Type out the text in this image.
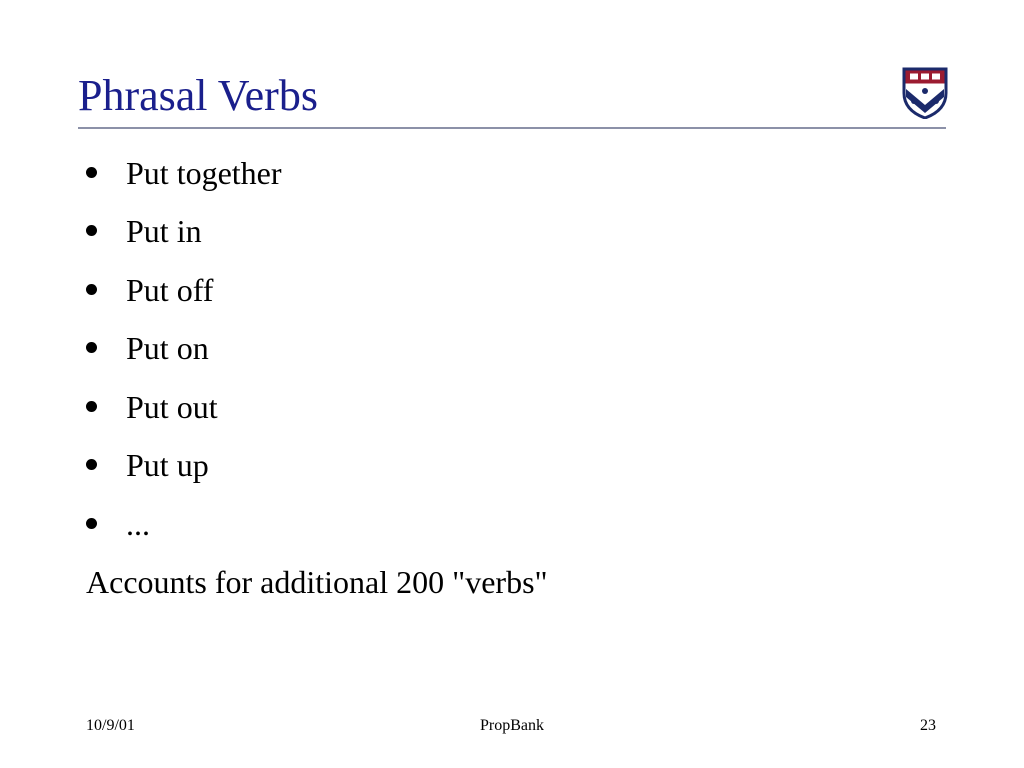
Phrasal Verbs
Put together
Put in
Put off
Put on
Put out
Put up
...
Accounts for additional 200 "verbs"
10/9/01	PropBank	23
